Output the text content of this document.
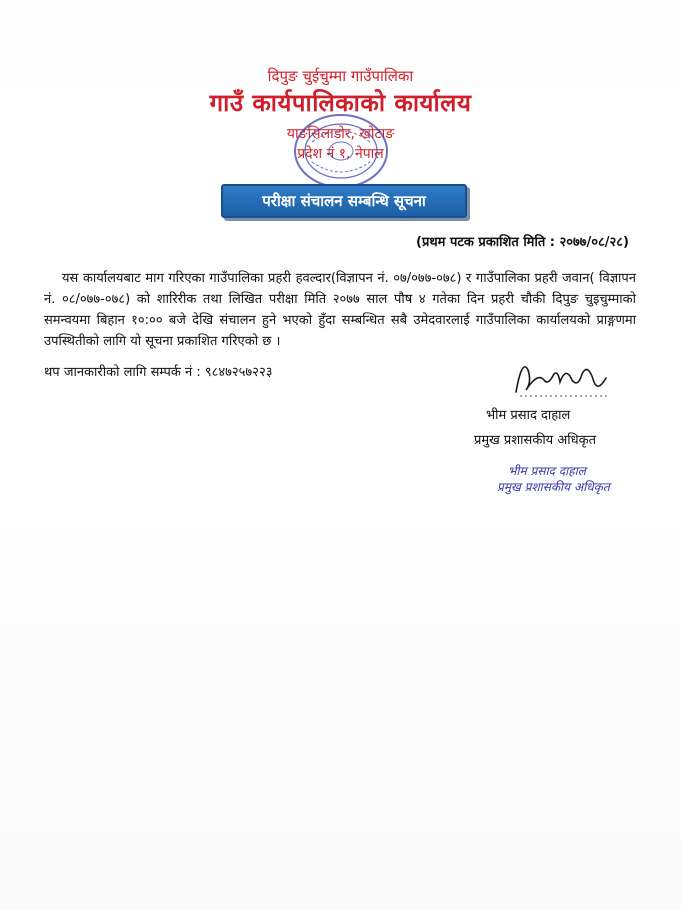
दिपुङ चुईचुम्मा गाउँपालिका
गाउँ कार्यपालिकाको कार्यालय
याङसिलाडोर, खोटाङ
प्रदेश नं १, नेपाल
परीक्षा संचालन सम्बन्धि सूचना
(प्रथम पटक प्रकाशित मिति : २०७७/०८/२८)
यस कार्यालयबाट माग गरिएका गाउँपालिका प्रहरी हवल्दार(विज्ञापन नं. ०७/०७७-०७८) र गाउँपालिका प्रहरी जवान( विज्ञापन नं. ०८/०७७-०७८) को शारिरीक तथा लिखित परीक्षा मिति २०७७ साल पौष ४ गतेका दिन प्रहरी चौकी दिपुङ चुइचुम्माको समन्वयमा बिहान १०:०० बजे देखि संचालन हुने भएको हुँदा सम्बन्धित सबै उमेदवारलाई गाउँपालिका कार्यालयको प्राङ्गणमा उपस्थितीको लागि यो सूचना प्रकाशित गरिएको छ ।
थप जानकारीको लागि सम्पर्क नं : ९८४७२५७२२३
भीम प्रसाद दाहाल
प्रमुख प्रशासकीय अधिकृत
भीम प्रसाद दाहाल
प्रमुख प्रशासकीय अधिकृत
